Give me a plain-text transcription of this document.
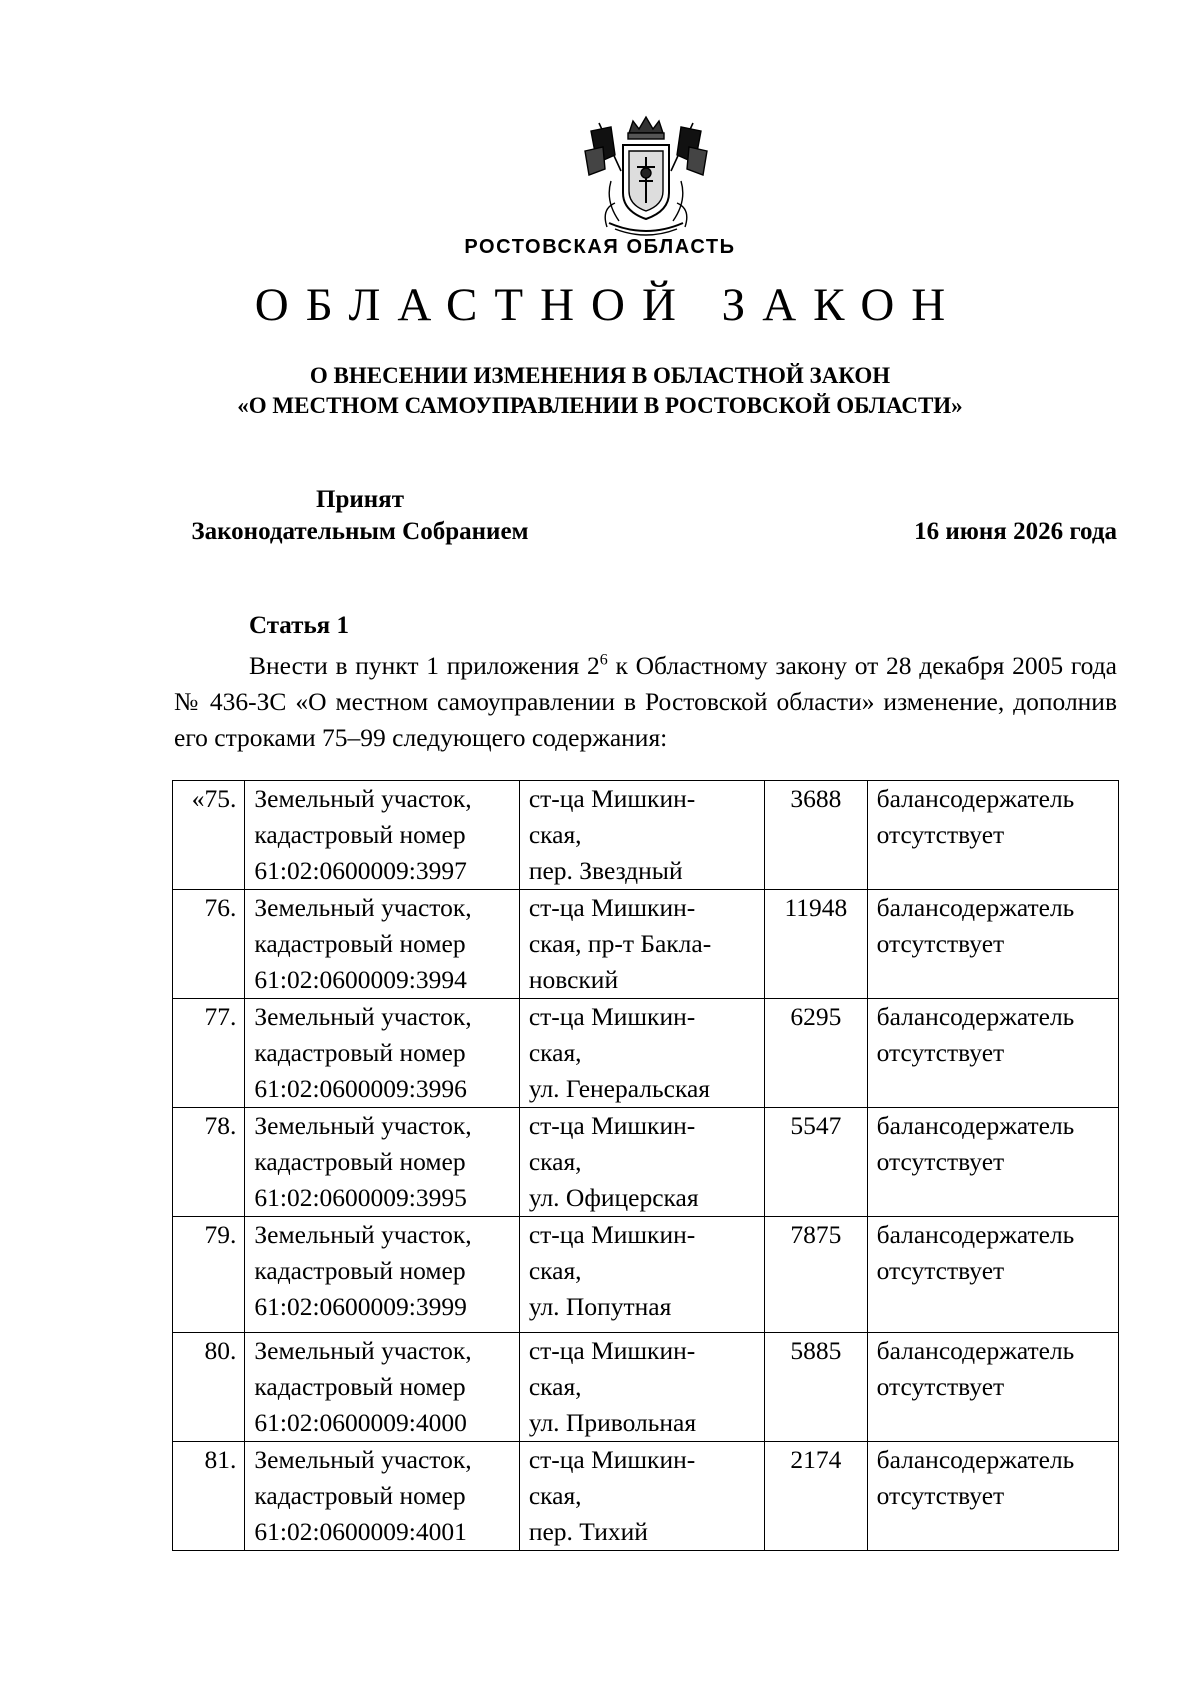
РОСТОВСКАЯ ОБЛАСТЬ
ОБЛАСТНОЙ ЗАКОН
О ВНЕСЕНИИ ИЗМЕНЕНИЯ В ОБЛАСТНОЙ ЗАКОН
«О МЕСТНОМ САМОУПРАВЛЕНИИ В РОСТОВСКОЙ ОБЛАСТИ»
Принят
Законодательным Собранием	16 июня 2026 года
Статья 1

Внести в пункт 1 приложения $2^6$ к Областному закону от 28 декабря 2005 года № 436-ЗС «О местном самоуправлении в Ростовской области» изменение, дополнив его строками 75–99 следующего содержания:

«75.	Земельный участок,
кадастровый номер
61:02:0600009:3997	ст-ца Мишкин-
ская,
пер. Звездный	3688	балансодержатель
отсутствует

76.	Земельный участок,
кадастровый номер
61:02:0600009:3994	ст-ца Мишкин-
ская, пр-т Бакла-
новский	11948	балансодержатель
отсутствует

77.	Земельный участок,
кадастровый номер
61:02:0600009:3996	ст-ца Мишкин-
ская,
ул. Генеральская	6295	балансодержатель
отсутствует

78.	Земельный участок,
кадастровый номер
61:02:0600009:3995	ст-ца Мишкин-
ская,
ул. Офицерская	5547	балансодержатель
отсутствует

79.	Земельный участок,
кадастровый номер
61:02:0600009:3999	ст-ца Мишкин-
ская,
ул. Попутная	7875	балансодержатель
отсутствует

80.	Земельный участок,
кадастровый номер
61:02:0600009:4000	ст-ца Мишкин-
ская,
ул. Привольная	5885	балансодержатель
отсутствует

81.	Земельный участок,
кадастровый номер
61:02:0600009:4001	ст-ца Мишкин-
ская,
пер. Тихий	2174	балансодержатель
отсутствует
